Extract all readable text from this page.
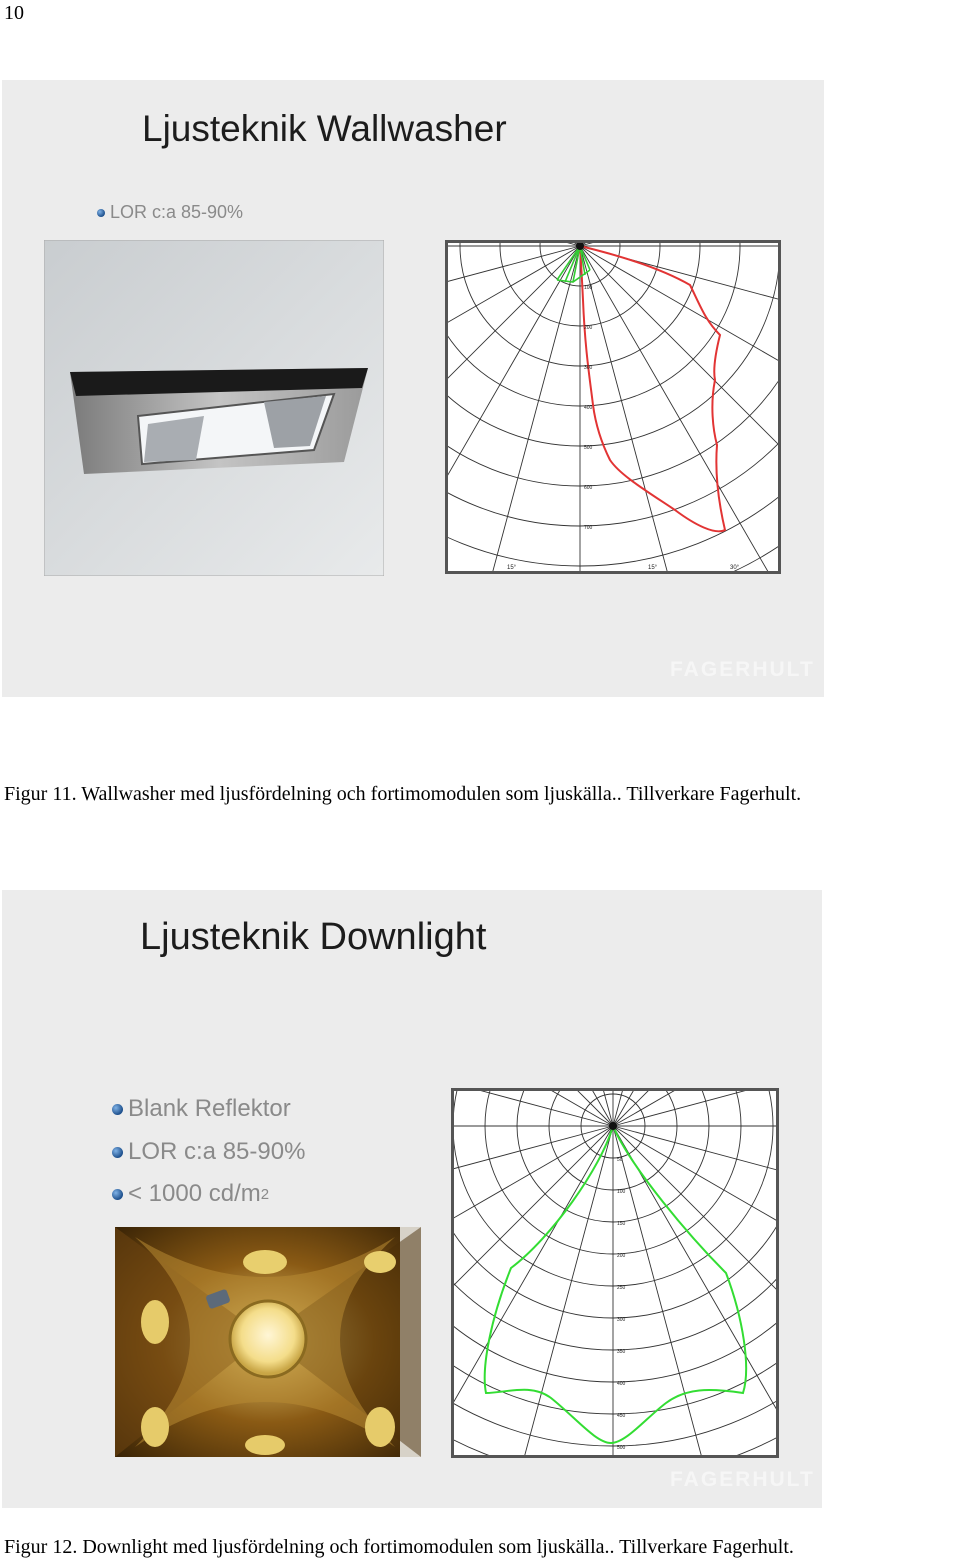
10
Ljusteknik Wallwasher
LOR c:a 85-90%
100
200
300
400
500
600
700
15°	15°	30°
FAGERHULT
Figur 11. Wallwasher med ljusfördelning och fortimomodulen som ljuskälla.. Tillverkare Fagerhult.
Ljusteknik Downlight
Blank Reflektor
LOR c:a 85-90%
< 1000 cd/m 2
50
100
150
200
250
300
350
400
450
500
FAGERHULT
Figur 12. Downlight med ljusfördelning och fortimomodulen som ljuskälla.. Tillverkare Fagerhult.
